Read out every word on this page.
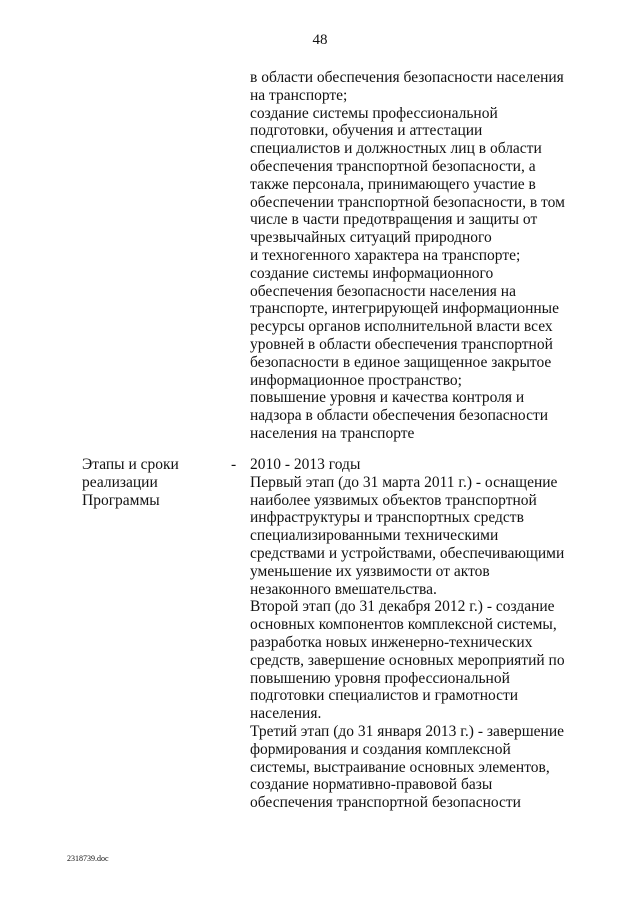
48
в области обеспечения безопасности населения
на транспорте;
создание системы профессиональной
подготовки, обучения и аттестации
специалистов и должностных лиц в области
обеспечения транспортной безопасности, а
также персонала, принимающего участие в
обеспечении транспортной безопасности, в том
числе в части предотвращения и защиты от
чрезвычайных ситуаций природного
и техногенного характера на транспорте;
создание системы информационного
обеспечения безопасности населения на
транспорте, интегрирующей информационные
ресурсы органов исполнительной власти всех
уровней в области обеспечения транспортной
безопасности в единое защищенное закрытое
информационное пространство;
повышение уровня и качества контроля и
надзора в области обеспечения безопасности
населения на транспорте
Этапы и сроки
реализации
Программы
- 2010 - 2013 годы
Первый этап (до 31 марта 2011 г.) - оснащение
наиболее уязвимых объектов транспортной
инфраструктуры и транспортных средств
специализированными техническими
средствами и устройствами, обеспечивающими
уменьшение их уязвимости от актов
незаконного вмешательства.
Второй этап (до 31 декабря 2012 г.) - создание
основных компонентов комплексной системы,
разработка новых инженерно-технических
средств, завершение основных мероприятий по
повышению уровня профессиональной
подготовки специалистов и грамотности
населения.
Третий этап (до 31 января 2013 г.) - завершение
формирования и создания комплексной
системы, выстраивание основных элементов,
создание нормативно-правовой базы
обеспечения транспортной безопасности
2318739.doc
